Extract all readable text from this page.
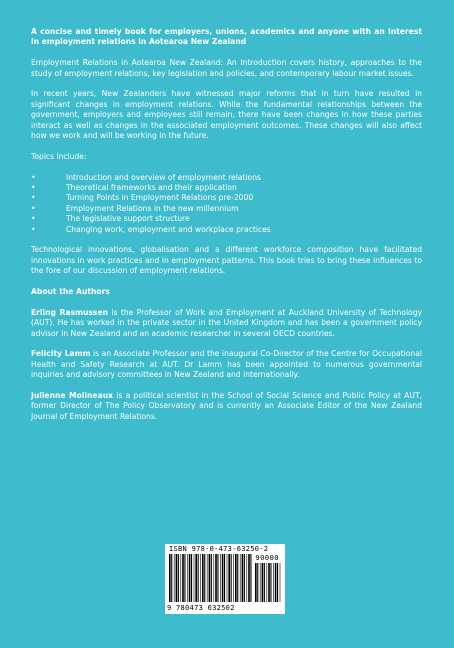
A concise and timely book for employers, unions, academics and anyone with an interest in employment relations in Aotearoa New Zealand

Employment Relations in Aotearoa New Zealand: An Introduction covers history, approaches to the study of employment relations, key legislation and policies, and contemporary labour market issues.

In recent years, New Zealanders have witnessed major reforms that in turn have resulted in significant changes in employment relations. While the fundamental relationships between the government, employers and employees still remain, there have been changes in how these parties interact as well as changes in the associated employment outcomes. These changes will also affect how we work and will be working in the future.

Topics include:

•	Introduction and overview of employment relations
•	Theoretical frameworks and their application
•	Turning Points in Employment Relations pre-2000
•	Employment Relations in the new millennium
•	The legislative support structure
•	Changing work, employment and workplace practices

Technological innovations, globalisation and a different workforce composition have facilitated innovations in work practices and in employment patterns. This book tries to bring these influences to the fore of our discussion of employment relations.

About the Authors

Erling Rasmussen is the Professor of Work and Employment at Auckland University of Technology (AUT). He has worked in the private sector in the United Kingdom and has been a government policy advisor in New Zealand and an academic researcher in several OECD countries.

Felicity Lamm is an Associate Professor and the inaugural Co-Director of the Centre for Occupational Health and Safety Research at AUT. Dr Lamm has been appointed to numerous governmental inquiries and advisory committees in New Zealand and internationally.

Julienne Molineaux is a political scientist in the School of Social Science and Public Policy at AUT, former Director of The Policy Observatory and is currently an Associate Editor of the New Zealand Journal of Employment Relations.

ISBN 978-0-473-63250-2
90000
9 780473 632502
